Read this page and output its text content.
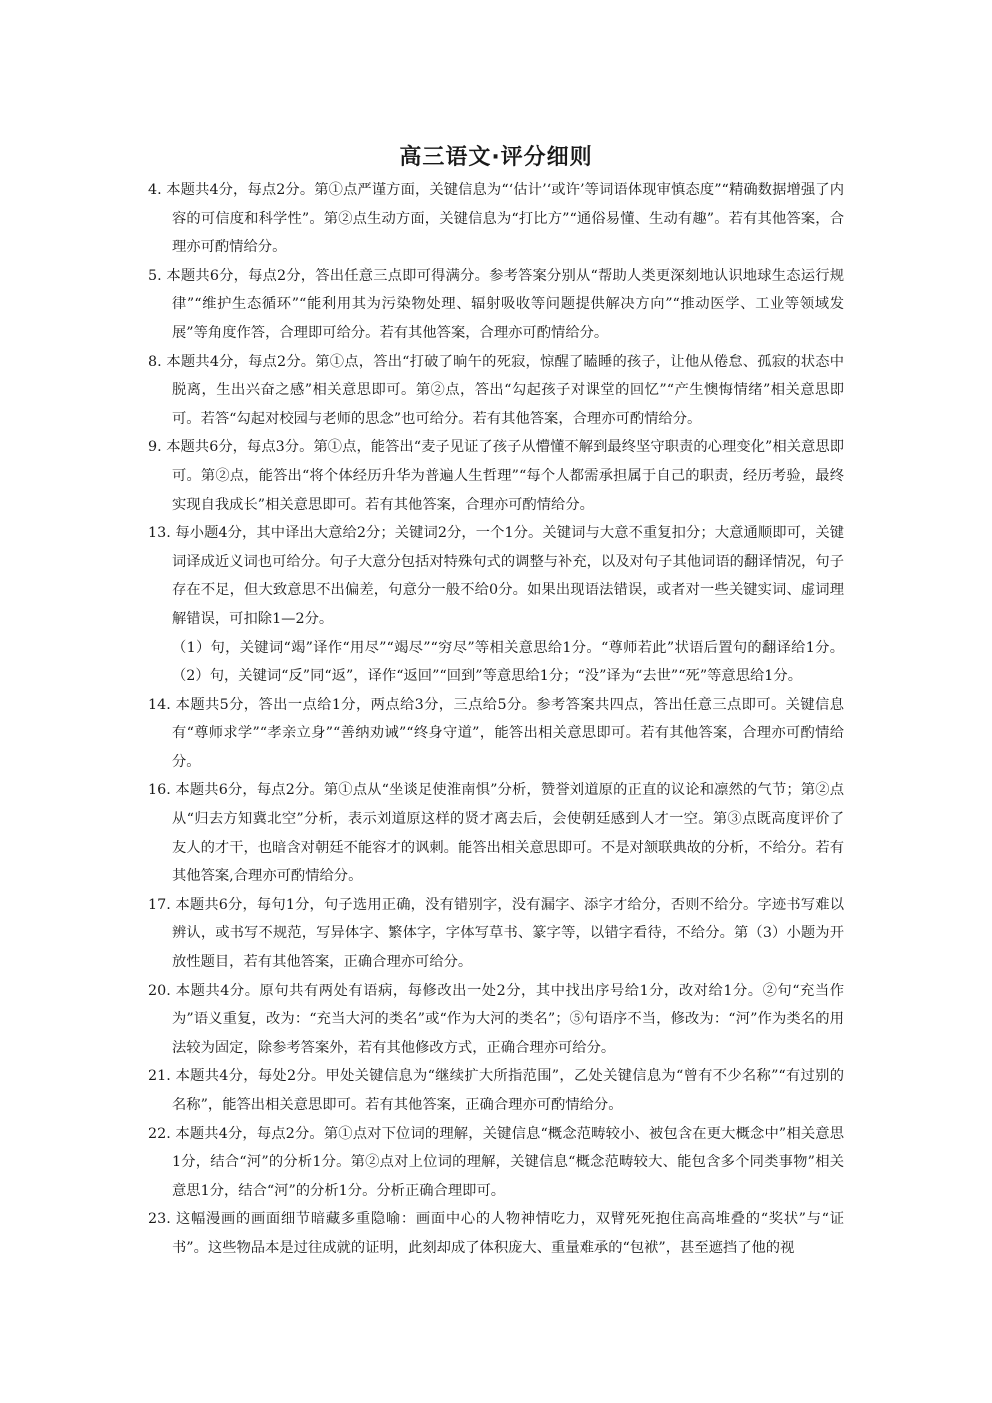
高三语文·评分细则

4. 本题共4分，每点2分。第①点严谨方面，关键信息为“‘估计’‘或许’等词语体现审慎态度”“精确数据增强了内容的可信度和科学性”。第②点生动方面，关键信息为“打比方”“通俗易懂、生动有趣”。若有其他答案，合理亦可酌情给分。

5. 本题共6分，每点2分，答出任意三点即可得满分。参考答案分别从“帮助人类更深刻地认识地球生态运行规律”“维护生态循环”“能利用其为污染物处理、辐射吸收等问题提供解决方向”“推动医学、工业等领域发展”等角度作答，合理即可给分。若有其他答案，合理亦可酌情给分。

8. 本题共4分，每点2分。第①点，答出“打破了晌午的死寂，惊醒了瞌睡的孩子，让他从倦怠、孤寂的状态中脱离，生出兴奋之感”相关意思即可。第②点，答出“勾起孩子对课堂的回忆”“产生懊悔情绪”相关意思即可。若答“勾起对校园与老师的思念”也可给分。若有其他答案，合理亦可酌情给分。

9. 本题共6分，每点3分。第①点，能答出“麦子见证了孩子从懵懂不解到最终坚守职责的心理变化”相关意思即可。第②点，能答出“将个体经历升华为普遍人生哲理”“每个人都需承担属于自己的职责，经历考验，最终实现自我成长”相关意思即可。若有其他答案，合理亦可酌情给分。

13. 每小题4分，其中译出大意给2分；关键词2分，一个1分。关键词与大意不重复扣分；大意通顺即可，关键词译成近义词也可给分。句子大意分包括对特殊句式的调整与补充，以及对句子其他词语的翻译情况，句子存在不足，但大致意思不出偏差，句意分一般不给0分。如果出现语法错误，或者对一些关键实词、虚词理解错误，可扣除1—2分。

（1）句，关键词“竭”译作“用尽”“竭尽”“穷尽”等相关意思给1分。“尊师若此”状语后置句的翻译给1分。（2）句，关键词“反”同“返”，译作“返回”“回到”等意思给1分；“没”译为“去世”“死”等意思给1分。

14. 本题共5分，答出一点给1分，两点给3分，三点给5分。参考答案共四点，答出任意三点即可。关键信息有“尊师求学”“孝亲立身”“善纳劝诫”“终身守道”，能答出相关意思即可。若有其他答案，合理亦可酌情给分。

16. 本题共6分，每点2分。第①点从“坐谈足使淮南惧”分析，赞誉刘道原的正直的议论和凛然的气节；第②点从“归去方知冀北空”分析，表示刘道原这样的贤才离去后，会使朝廷感到人才一空。第③点既高度评价了友人的才干，也暗含对朝廷不能容才的讽刺。能答出相关意思即可。不是对颔联典故的分析，不给分。若有其他答案,合理亦可酌情给分。

17. 本题共6分，每句1分，句子选用正确，没有错别字，没有漏字、添字才给分，否则不给分。字迹书写难以辨认，或书写不规范，写异体字、繁体字，字体写草书、篆字等，以错字看待，不给分。第（3）小题为开放性题目，若有其他答案，正确合理亦可给分。

20. 本题共4分。原句共有两处有语病，每修改出一处2分，其中找出序号给1分，改对给1分。②句“充当作为”语义重复，改为：“充当大河的类名”或“作为大河的类名”；⑤句语序不当，修改为：“河”作为类名的用法较为固定，除参考答案外，若有其他修改方式，正确合理亦可给分。

21. 本题共4分，每处2分。甲处关键信息为“继续扩大所指范围”，乙处关键信息为“曾有不少名称”“有过别的名称”，能答出相关意思即可。若有其他答案，正确合理亦可酌情给分。

22. 本题共4分，每点2分。第①点对下位词的理解，关键信息“概念范畴较小、被包含在更大概念中”相关意思1分，结合“河”的分析1分。第②点对上位词的理解，关键信息“概念范畴较大、能包含多个同类事物”相关意思1分，结合“河”的分析1分。分析正确合理即可。

23. 这幅漫画的画面细节暗藏多重隐喻：画面中心的人物神情吃力，双臂死死抱住高高堆叠的“奖状”与“证书”。这些物品本是过往成就的证明，此刻却成了体积庞大、重量难承的“包袱”，甚至遮挡了他的视
